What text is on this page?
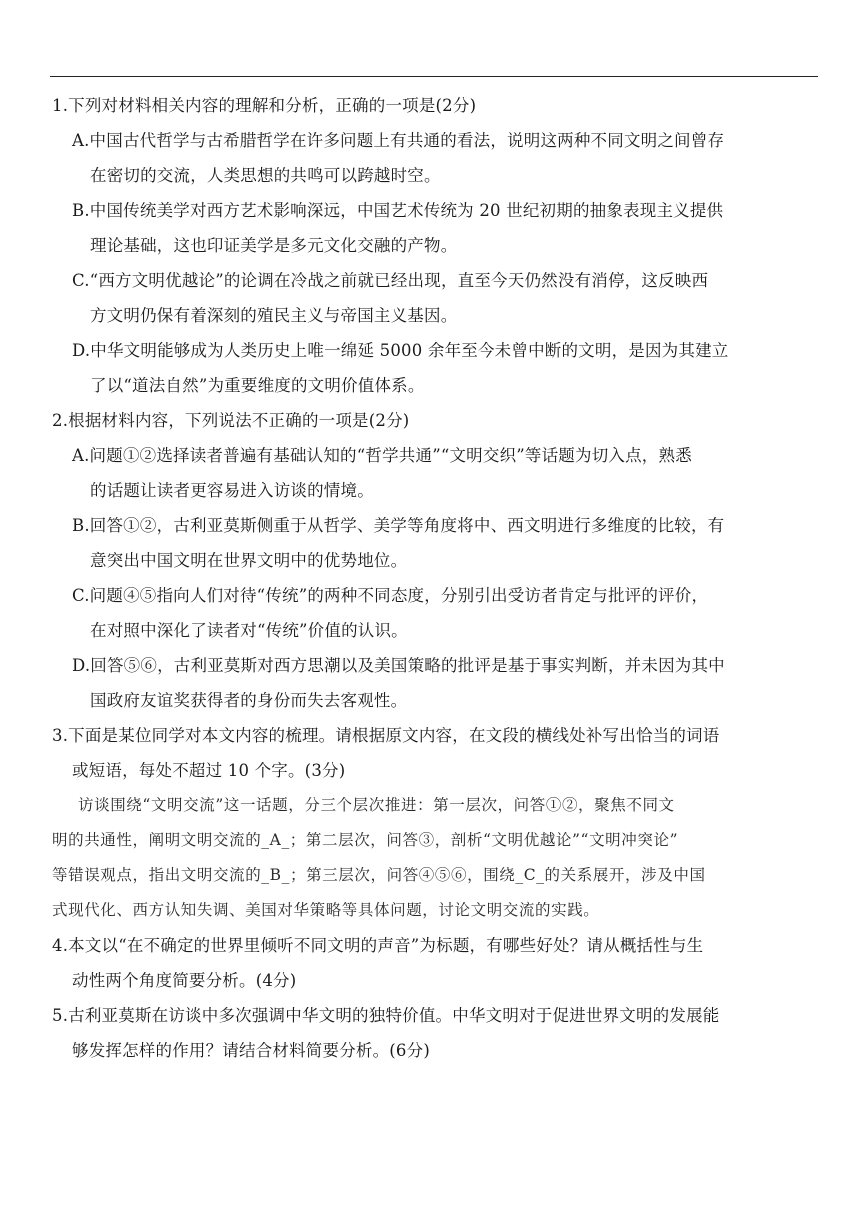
1.下列对材料相关内容的理解和分析，正确的一项是(2分)
A.中国古代哲学与古希腊哲学在许多问题上有共通的看法，说明这两种不同文明之间曾存
在密切的交流，人类思想的共鸣可以跨越时空。
B.中国传统美学对西方艺术影响深远，中国艺术传统为 20 世纪初期的抽象表现主义提供
理论基础，这也印证美学是多元文化交融的产物。
C.“西方文明优越论”的论调在冷战之前就已经出现，直至今天仍然没有消停，这反映西
方文明仍保有着深刻的殖民主义与帝国主义基因。
D.中华文明能够成为人类历史上唯一绵延 5000 余年至今未曾中断的文明，是因为其建立
了以“道法自然”为重要维度的文明价值体系。
2.根据材料内容，下列说法不正确的一项是(2分)
A.问题①②选择读者普遍有基础认知的“哲学共通”“文明交织”等话题为切入点，熟悉
的话题让读者更容易进入访谈的情境。
B.回答①②，古利亚莫斯侧重于从哲学、美学等角度将中、西文明进行多维度的比较，有
意突出中国文明在世界文明中的优势地位。
C.问题④⑤指向人们对待“传统”的两种不同态度，分别引出受访者肯定与批评的评价，
在对照中深化了读者对“传统”价值的认识。
D.回答⑤⑥，古利亚莫斯对西方思潮以及美国策略的批评是基于事实判断，并未因为其中
国政府友谊奖获得者的身份而失去客观性。
3.下面是某位同学对本文内容的梳理。请根据原文内容，在文段的横线处补写出恰当的词语
或短语，每处不超过 10 个字。(3分)
访谈围绕“文明交流”这一话题，分三个层次推进：第一层次，问答①②，聚焦不同文
明的共通性，阐明文明交流的_A_；第二层次，问答③，剖析“文明优越论”“文明冲突论”
等错误观点，指出文明交流的_B_；第三层次，问答④⑤⑥，围绕_C_的关系展开，涉及中国
式现代化、西方认知失调、美国对华策略等具体问题，讨论文明交流的实践。
4.本文以“在不确定的世界里倾听不同文明的声音”为标题，有哪些好处？请从概括性与生
动性两个角度简要分析。(4分)
5.古利亚莫斯在访谈中多次强调中华文明的独特价值。中华文明对于促进世界文明的发展能
够发挥怎样的作用？请结合材料简要分析。(6分)
